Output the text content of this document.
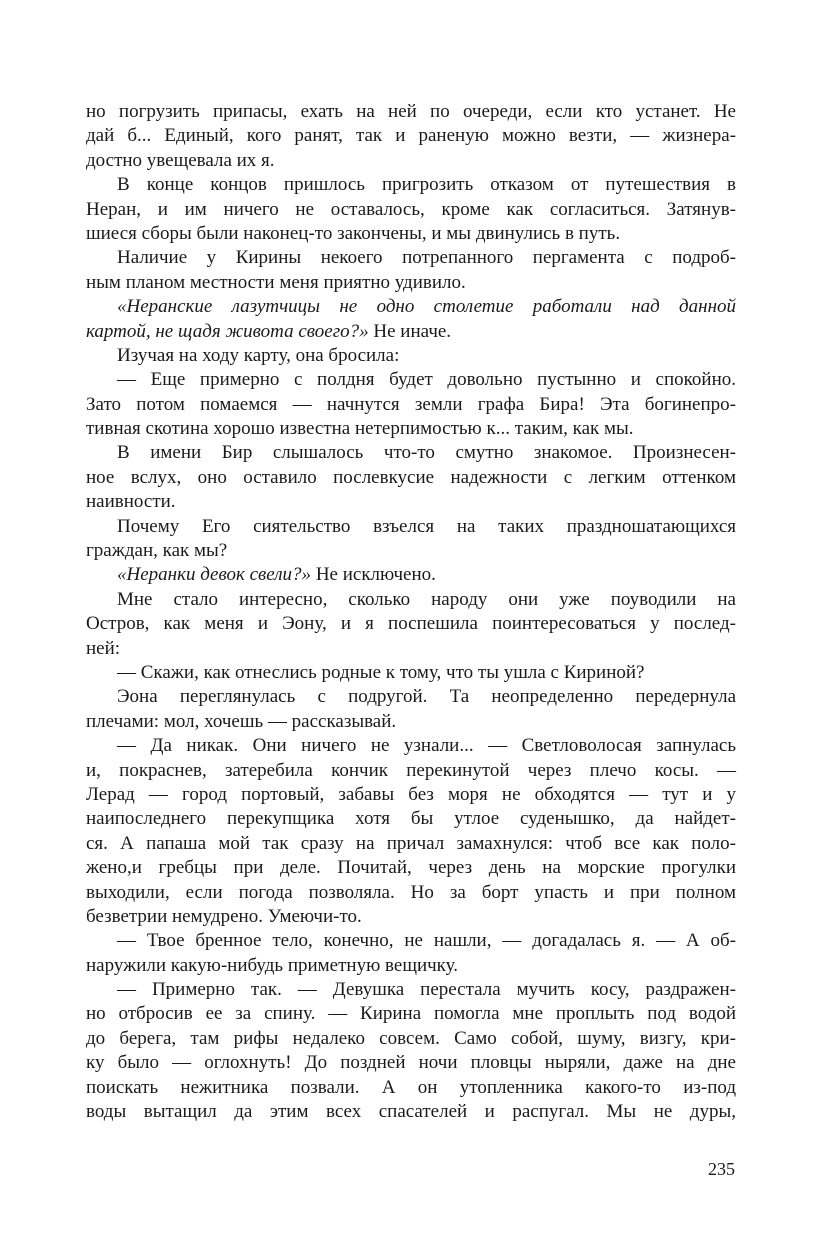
но погрузить припасы, ехать на ней по очереди, если кто устанет. Не
дай б... Единый, кого ранят, так и раненую можно везти, — жизнера-
достно увещевала их я.
В конце концов пришлось пригрозить отказом от путешествия в
Неран, и им ничего не оставалось, кроме как согласиться. Затянув-
шиеся сборы были наконец-то закончены, и мы двинулись в путь.
Наличие у Кирины некоего потрепанного пергамента с подроб-
ным планом местности меня приятно удивило.
«Неранские лазутчицы не одно столетие работали над данной
картой, не щадя живота своего?» Не иначе.
Изучая на ходу карту, она бросила:
— Еще примерно с полдня будет довольно пустынно и спокойно.
Зато потом помаемся — начнутся земли графа Бира! Эта богинепро-
тивная скотина хорошо известна нетерпимостью к... таким, как мы.
В имени Бир слышалось что-то смутно знакомое. Произнесен-
ное вслух, оно оставило послевкусие надежности с легким оттенком
наивности.
Почему Его сиятельство взъелся на таких праздношатающихся
граждан, как мы?
«Неранки девок свели?» Не исключено.
Мне стало интересно, сколько народу они уже поуводили на
Остров, как меня и Эону, и я поспешила поинтересоваться у послед-
ней:
— Скажи, как отнеслись родные к тому, что ты ушла с Кириной?
Эона переглянулась с подругой. Та неопределенно передернула
плечами: мол, хочешь — рассказывай.
— Да никак. Они ничего не узнали... — Светловолосая запнулась
и, покраснев, затеребила кончик перекинутой через плечо косы. —
Лерад — город портовый, забавы без моря не обходятся — тут и у
наипоследнего перекупщика хотя бы утлое суденышко, да найдет-
ся. А папаша мой так сразу на причал замахнулся: чтоб все как поло-
жено,и гребцы при деле. Почитай, через день на морские прогулки
выходили, если погода позволяла. Но за борт упасть и при полном
безветрии немудрено. Умеючи-то.
— Твое бренное тело, конечно, не нашли, — догадалась я. — А об-
наружили какую-нибудь приметную вещичку.
— Примерно так. — Девушка перестала мучить косу, раздражен-
но отбросив ее за спину. — Кирина помогла мне проплыть под водой
до берега, там рифы недалеко совсем. Само собой, шуму, визгу, кри-
ку было — оглохнуть! До поздней ночи пловцы ныряли, даже на дне
поискать нежитника позвали. А он утопленника какого-то из-под
воды вытащил да этим всех спасателей и распугал. Мы не дуры,
235
